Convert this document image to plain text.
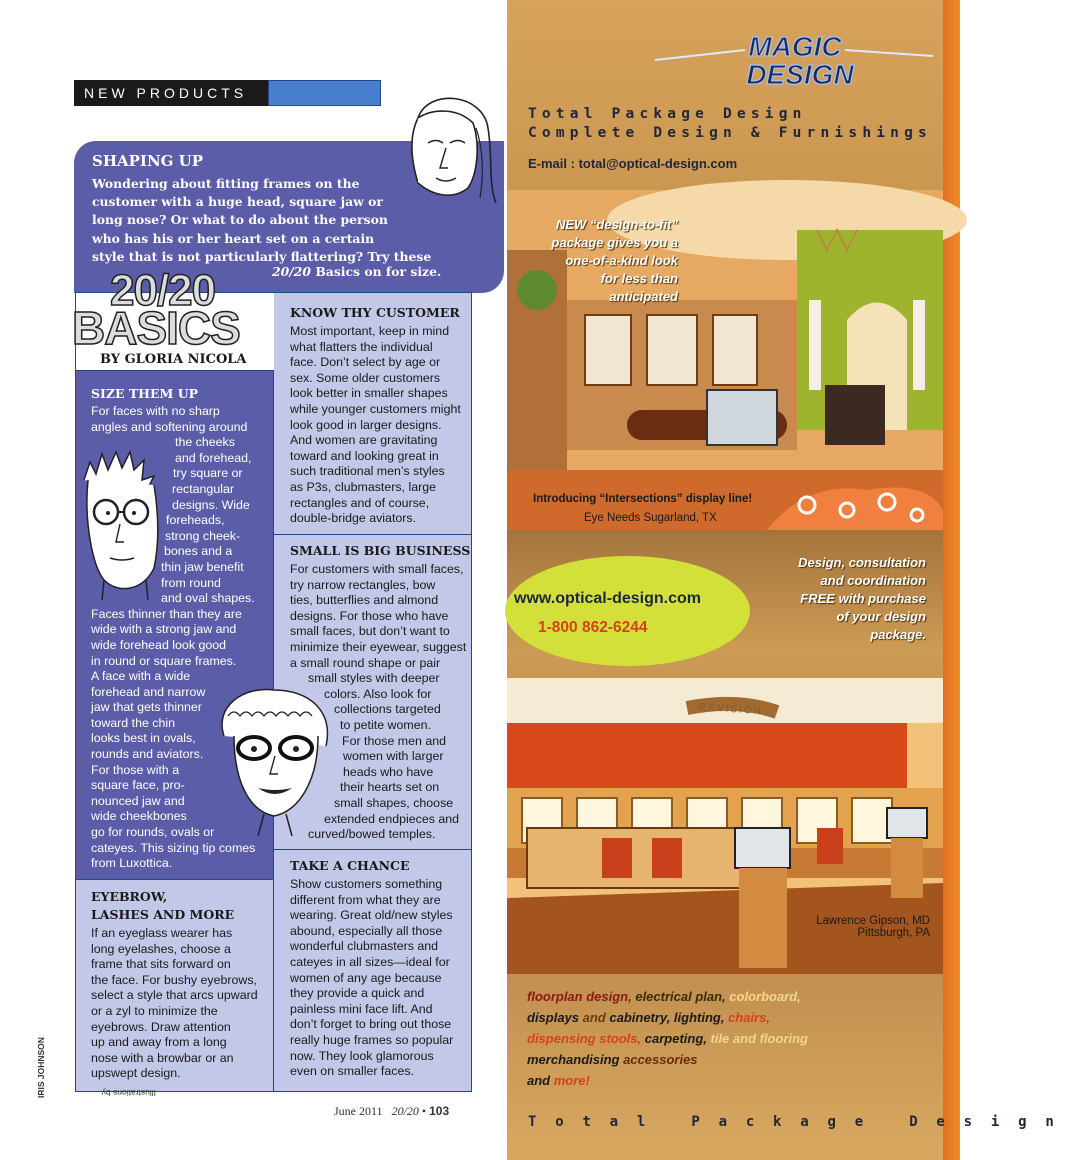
NEW PRODUCTS
SHAPING UP
Wondering about fitting frames on the
customer with a huge head, square jaw or
long nose? Or what to do about the person
who has his or her heart set on a certain
style that is not particularly flattering? Try these
20/20 Basics on for size.
20/20
BASICS
BY GLORIA NICOLA
SIZE THEM UP
For faces with no sharp
angles and softening around
the cheeks
and forehead,
try square or
rectangular
designs. Wide
foreheads,
strong cheek-
bones and a
thin jaw benefit
from round
and oval shapes.
Faces thinner than they are
wide with a strong jaw and
wide forehead look good
in round or square frames.
A face with a wide
forehead and narrow
jaw that gets thinner
toward the chin
looks best in ovals,
rounds and aviators.
For those with a
square face, pro-
nounced jaw and
wide cheekbones
go for rounds, ovals or
cateyes. This sizing tip comes
from Luxottica.
KNOW THY CUSTOMER
Most important, keep in mind
what flatters the individual
face. Don’t select by age or
sex. Some older customers
look better in smaller shapes
while younger customers might
look good in larger designs.
And women are gravitating
toward and looking great in
such traditional men’s styles
as P3s, clubmasters, large
rectangles and of course,
double-bridge aviators.
SMALL IS BIG BUSINESS
For customers with small faces,
try narrow rectangles, bow
ties, butterflies and almond
designs. For those who have
small faces, but don’t want to
minimize their eyewear, suggest
a small round shape or pair
small styles with deeper
colors. Also look for
collections targeted
to petite women.
For those men and
women with larger
heads who have
their hearts set on
small shapes, choose
extended endpieces and
curved/bowed temples.
TAKE A CHANCE
Show customers something
different from what they are
wearing. Great old/new styles
abound, especially all those
wonderful clubmasters and
cateyes in all sizes—ideal for
women of any age because
they provide a quick and
painless mini face lift. And
don’t forget to bring out those
really huge frames so popular
now. They look glamorous
even on smaller faces.
EYEBROW,
LASHES AND MORE
If an eyeglass wearer has
long eyelashes, choose a
frame that sits forward on
the face. For bushy eyebrows,
select a style that arcs upward
or a zyl to minimize the
eyebrows. Draw attention
up and away from a long
nose with a browbar or an
upswept design.
Illustrations by
IRIS JOHNSON
June 2011 20/20 • 103
MAGIC
DESIGN
Total Package Design
Complete Design & Furnishings
E-mail : total@optical-design.com
NEW “design-to-fit”
package gives you a
one-of-a-kind look
for less than
anticipated
Introducing “Intersections” display line!
Eye Needs Sugarland, TX
www.optical-design.com
1-800 862-6244
Design, consultation
and coordination
FREE with purchase
of your design
package.
REVISION
Lawrence Gipson, MD
Pittsburgh, PA
floorplan design, electrical plan, colorboard,
displays and cabinetry, lighting, chairs,
dispensing stools, carpeting, tile and flooring
merchandising accessories
and more!
Total Package Design
